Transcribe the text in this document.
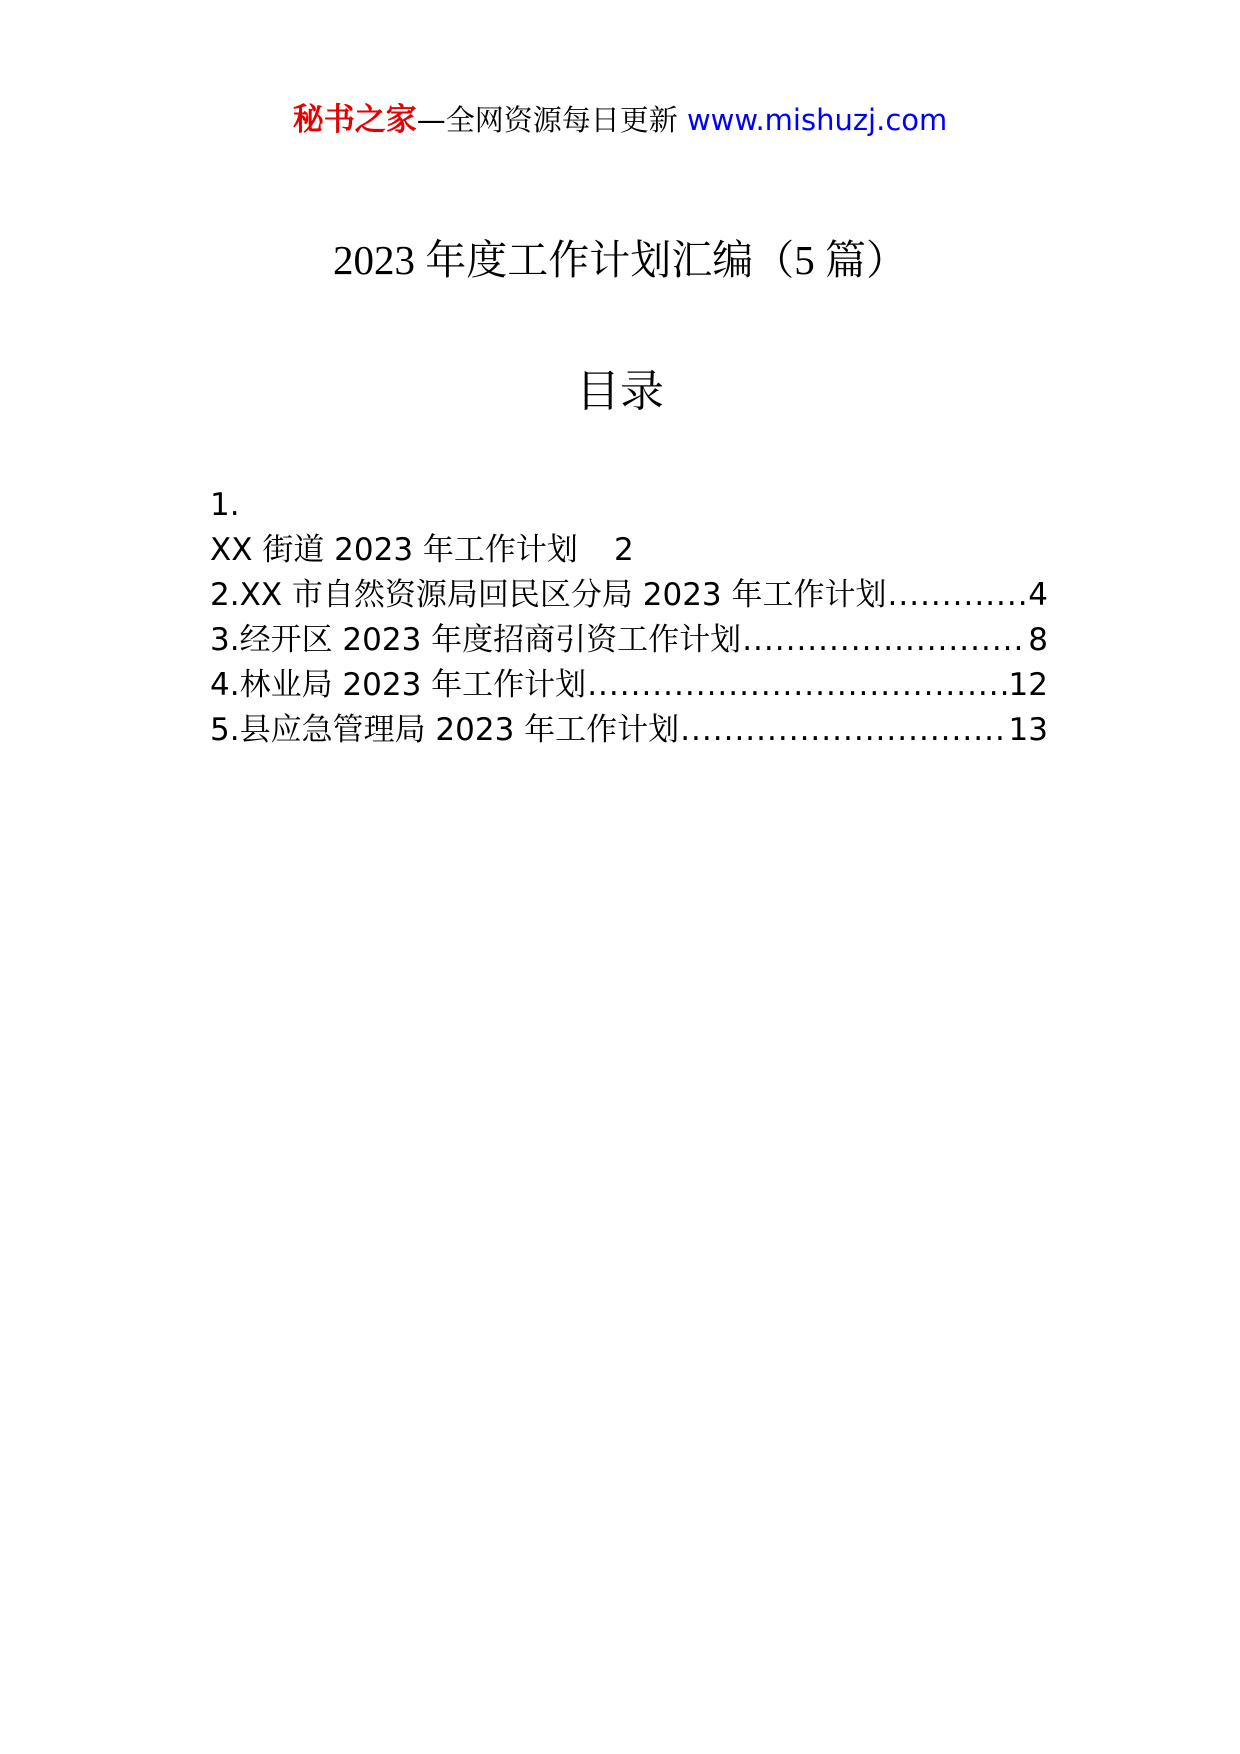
秘书之家—全网资源每日更新 www.mishuzj.com
2023 年度工作计划汇编（5 篇）
目录
1.
XX 街道 2023 年工作计划 2
2.XX 市自然资源局回民区分局 2023 年工作计划 .....	4
3.经开区 2023 年度招商引资工作计划 .....	8
4.林业局 2023 年工作计划 .....	12
5.县应急管理局 2023 年工作计划 .....	13
